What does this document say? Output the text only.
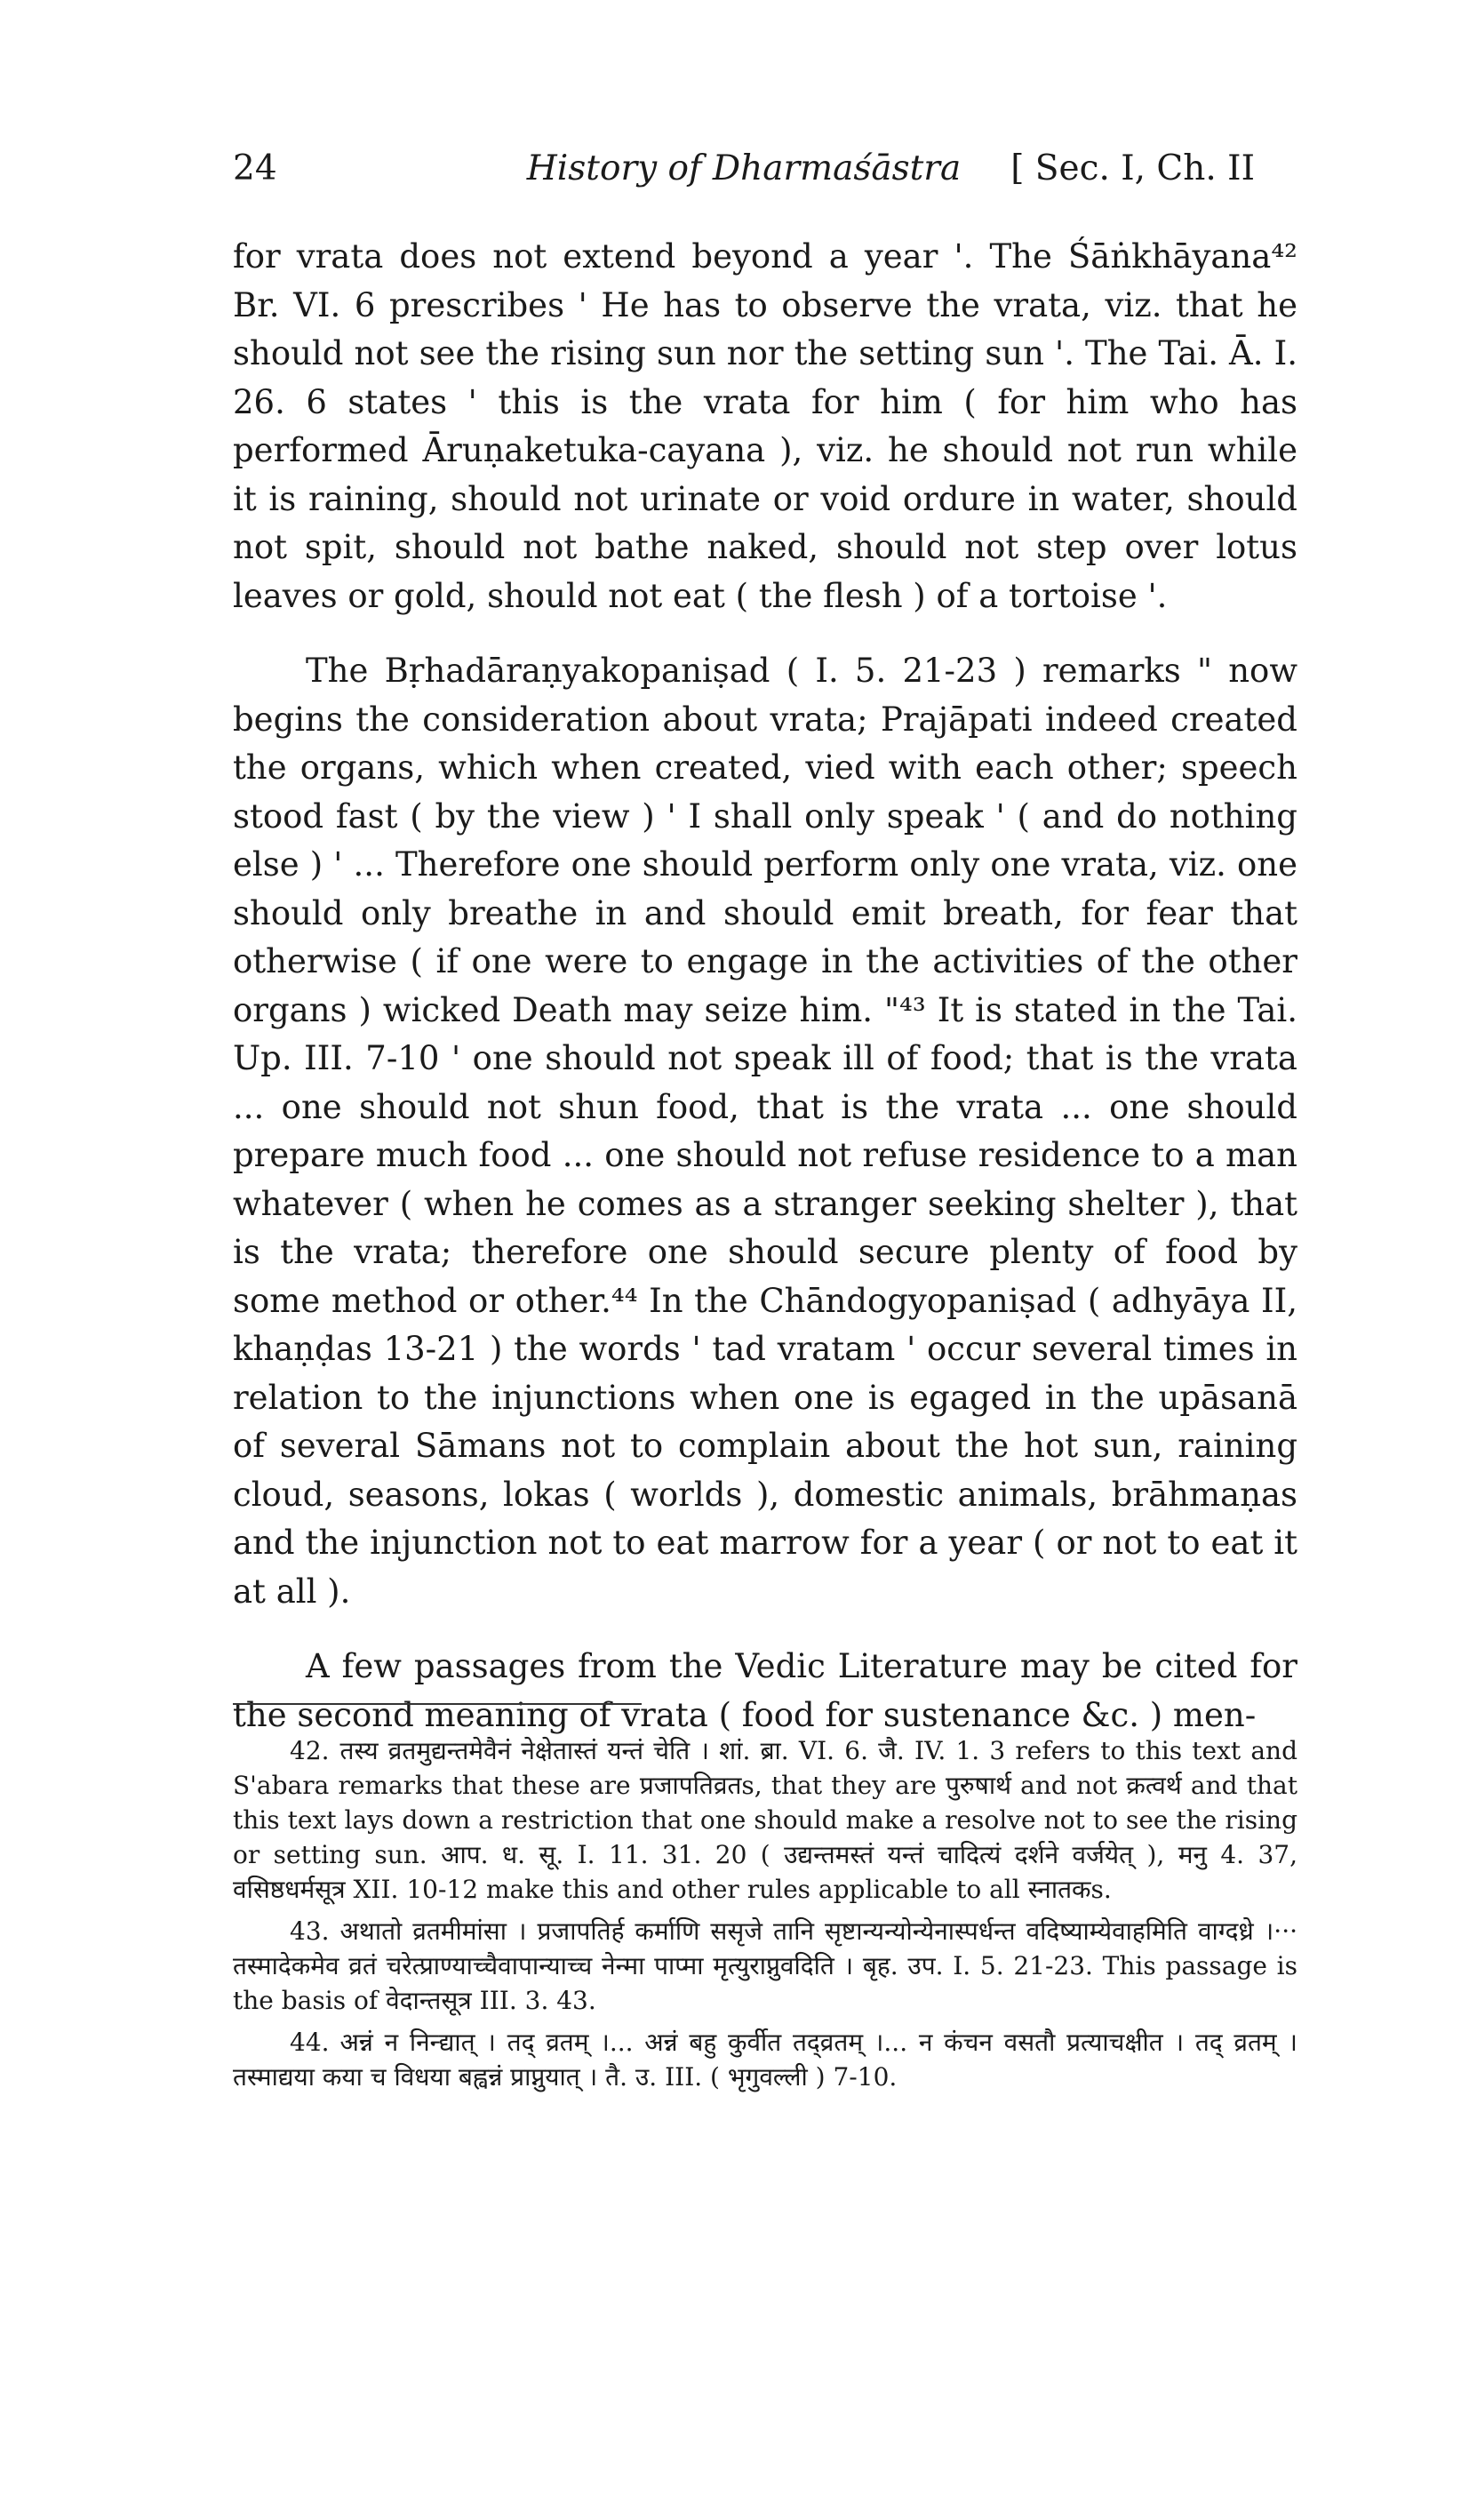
24	History of Dharmaśāstra	[ Sec. I, Ch. II

for vrata does not extend beyond a year '. The Śāṅkhāyana⁴² Br. VI. 6 prescribes ' He has to observe the vrata, viz. that he should not see the rising sun nor the setting sun '. The Tai. Ā. I. 26. 6 states ' this is the vrata for him ( for him who has performed Āruṇaketuka-cayana ), viz. he should not run while it is raining, should not urinate or void ordure in water, should not spit, should not bathe naked, should not step over lotus leaves or gold, should not eat ( the flesh ) of a tortoise '.

The Bṛhadāraṇyakopaniṣad ( I. 5. 21-23 ) remarks " now begins the consideration about vrata; Prajāpati indeed created the organs, which when created, vied with each other; speech stood fast ( by the view ) ' I shall only speak ' ( and do nothing else ) ' ... Therefore one should perform only one vrata, viz. one should only breathe in and should emit breath, for fear that otherwise ( if one were to engage in the activities of the other organs ) wicked Death may seize him. "⁴³ It is stated in the Tai. Up. III. 7-10 ' one should not speak ill of food; that is the vrata ... one should not shun food, that is the vrata ... one should prepare much food ... one should not refuse residence to a man whatever ( when he comes as a stranger seeking shelter ), that is the vrata; therefore one should secure plenty of food by some method or other.⁴⁴ In the Chāndogyopaniṣad ( adhyāya II, khaṇḍas 13-21 ) the words ' tad vratam ' occur several times in relation to the injunctions when one is egaged in the upāsanā of several Sāmans not to complain about the hot sun, raining cloud, seasons, lokas ( worlds ), domestic animals, brāhmaṇas and the injunction not to eat marrow for a year ( or not to eat it at all ).

A few passages from the Vedic Literature may be cited for the second meaning of vrata ( food for sustenance &c. ) men-

42. तस्य व्रतमुद्यन्तमेवैनं नेक्षेतास्तं यन्तं चेति । शां. ब्रा. VI. 6. जै. IV. 1. 3 refers to this text and S'abara remarks that these are प्रजापतिव्रतs, that they are पुरुषार्थ and not क्रत्वर्थ and that this text lays down a restriction that one should make a resolve not to see the rising or setting sun. आप. ध. सू. I. 11. 31. 20 ( उद्यन्तमस्तं यन्तं चादित्यं दर्शने वर्जयेत् ), मनु 4. 37, वसिष्ठधर्मसूत्र XII. 10-12 make this and other rules applicable to all स्नातकs.

43. अथातो व्रतमीमांसा । प्रजापतिर्ह कर्माणि ससृजे तानि सृष्टान्यन्योन्येनास्पर्धन्त वदिष्याम्येवाहमिति वाग्दध्रे ।··· तस्मादेकमेव व्रतं चरेत्प्राण्याच्चैवापान्याच्च नेन्मा पाप्मा मृत्युराप्नुवदिति । बृह. उप. I. 5. 21-23. This passage is the basis of वेदान्तसूत्र III. 3. 43.

44. अन्नं न निन्द्यात् । तद् व्रतम् ।... अन्नं बहु कुर्वीत तद्व्रतम् ।... न कंचन वसतौ प्रत्याचक्षीत । तद् व्रतम् । तस्माद्यया कया च विधया बह्वन्नं प्राप्नुयात् । तै. उ. III. ( भृगुवल्ली ) 7-10.
